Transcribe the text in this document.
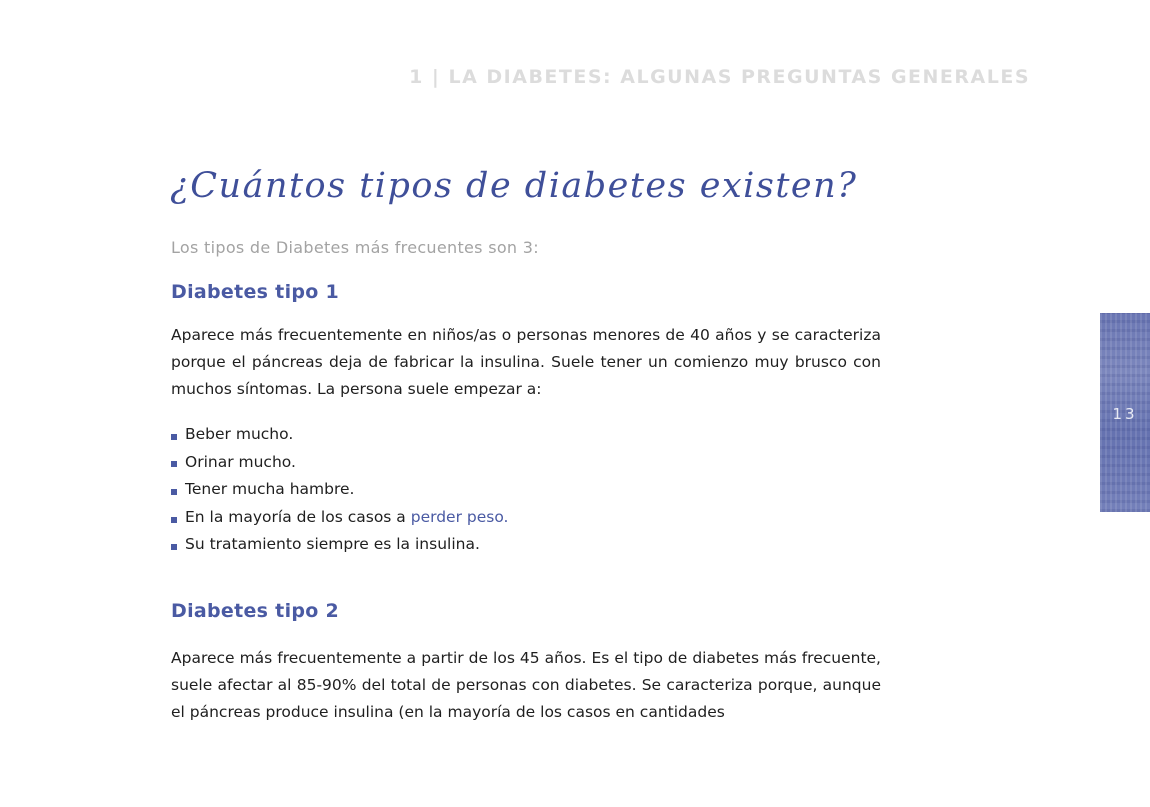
1 | LA DIABETES: ALGUNAS PREGUNTAS GENERALES
¿Cuántos tipos de diabetes existen?

Los tipos de Diabetes más frecuentes son 3:

Diabetes tipo 1

Aparece más frecuentemente en niños/as o personas menores de 40 años y se caracteriza porque el páncreas deja de fabricar la insulina. Suele tener un comienzo muy brusco con muchos síntomas. La persona suele empezar a:

Beber mucho.
Orinar mucho.
Tener mucha hambre.
En la mayoría de los casos a perder peso.
Su tratamiento siempre es la insulina.
Diabetes tipo 2

Aparece más frecuentemente a partir de los 45 años. Es el tipo de diabetes más frecuente, suele afectar al 85-90% del total de personas con diabetes. Se caracteriza porque, aunque el páncreas produce insulina (en la mayoría de los casos en cantidades

13
